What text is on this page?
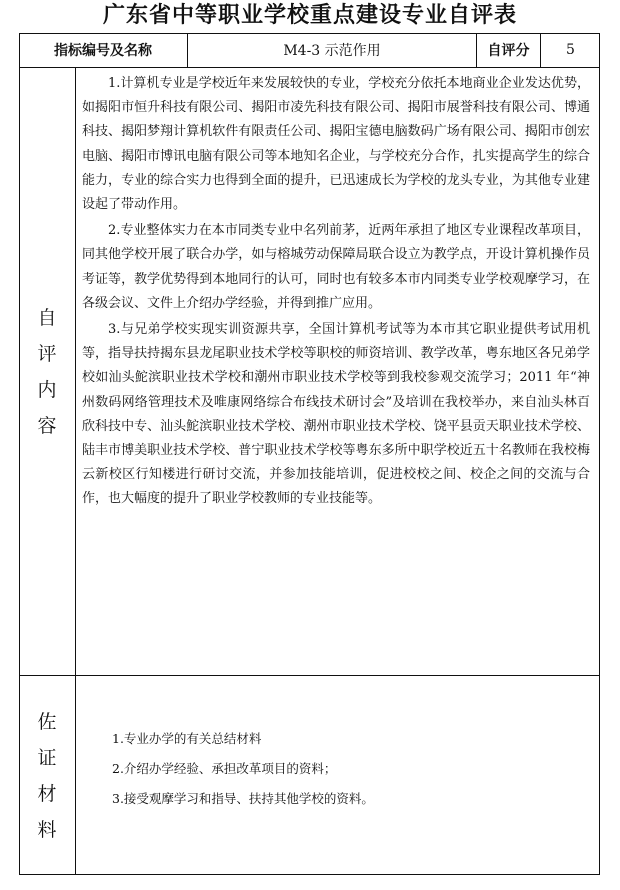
广东省中等职业学校重点建设专业自评表
指标编号及名称	M4-3 示范作用	自评分	5
自
评
内
容

1.计算机专业是学校近年来发展较快的专业，学校充分依托本地商业企业发达优势，如揭阳市恒升科技有限公司、揭阳市凌先科技有限公司、揭阳市展誉科技有限公司、博通科技、揭阳梦翔计算机软件有限责任公司、揭阳宝德电脑数码广场有限公司、揭阳市创宏电脑、揭阳市博讯电脑有限公司等本地知名企业，与学校充分合作，扎实提高学生的综合能力，专业的综合实力也得到全面的提升，已迅速成长为学校的龙头专业，为其他专业建设起了带动作用。

2.专业整体实力在本市同类专业中名列前茅，近两年承担了地区专业课程改革项目，同其他学校开展了联合办学，如与榕城劳动保障局联合设立为教学点，开设计算机操作员考证等，教学优势得到本地同行的认可，同时也有较多本市内同类专业学校观摩学习，在各级会议、文件上介绍办学经验，并得到推广应用。

3.与兄弟学校实现实训资源共享，全国计算机考试等为本市其它职业提供考试用机等，指导扶持揭东县龙尾职业技术学校等职校的师资培训、教学改革，粤东地区各兄弟学校如汕头鮀滨职业技术学校和潮州市职业技术学校等到我校参观交流学习；2011 年“神州数码网络管理技术及唯康网络综合布线技术研讨会”及培训在我校举办，来自汕头林百欣科技中专、汕头鮀滨职业技术学校、潮州市职业技术学校、饶平县贡天职业技术学校、陆丰市博美职业技术学校、普宁职业技术学校等粤东多所中职学校近五十名教师在我校梅云新校区行知楼进行研讨交流，并参加技能培训，促进校校之间、校企之间的交流与合作，也大幅度的提升了职业学校教师的专业技能等。

佐
证
材
料
1.专业办学的有关总结材料
2.介绍办学经验、承担改革项目的资料；
3.接受观摩学习和指导、扶持其他学校的资料。
